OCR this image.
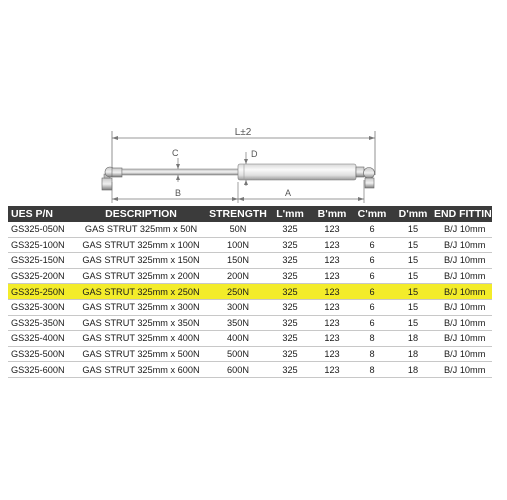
L±2
C	D
B	A
UES P/N	DESCRIPTION	STRENGTH	L'mm	B'mm	C'mm	D'mm	END FITTINGS
GS325-050N	GAS STRUT 325mm x 50N	50N	325	123	6	15	B/J 10mm
GS325-100N	GAS STRUT 325mm x 100N	100N	325	123	6	15	B/J 10mm
GS325-150N	GAS STRUT 325mm x 150N	150N	325	123	6	15	B/J 10mm
GS325-200N	GAS STRUT 325mm x 200N	200N	325	123	6	15	B/J 10mm
GS325-250N	GAS STRUT 325mm x 250N	250N	325	123	6	15	B/J 10mm
GS325-300N	GAS STRUT 325mm x 300N	300N	325	123	6	15	B/J 10mm
GS325-350N	GAS STRUT 325mm x 350N	350N	325	123	6	15	B/J 10mm
GS325-400N	GAS STRUT 325mm x 400N	400N	325	123	8	18	B/J 10mm
GS325-500N	GAS STRUT 325mm x 500N	500N	325	123	8	18	B/J 10mm
GS325-600N	GAS STRUT 325mm x 600N	600N	325	123	8	18	B/J 10mm
